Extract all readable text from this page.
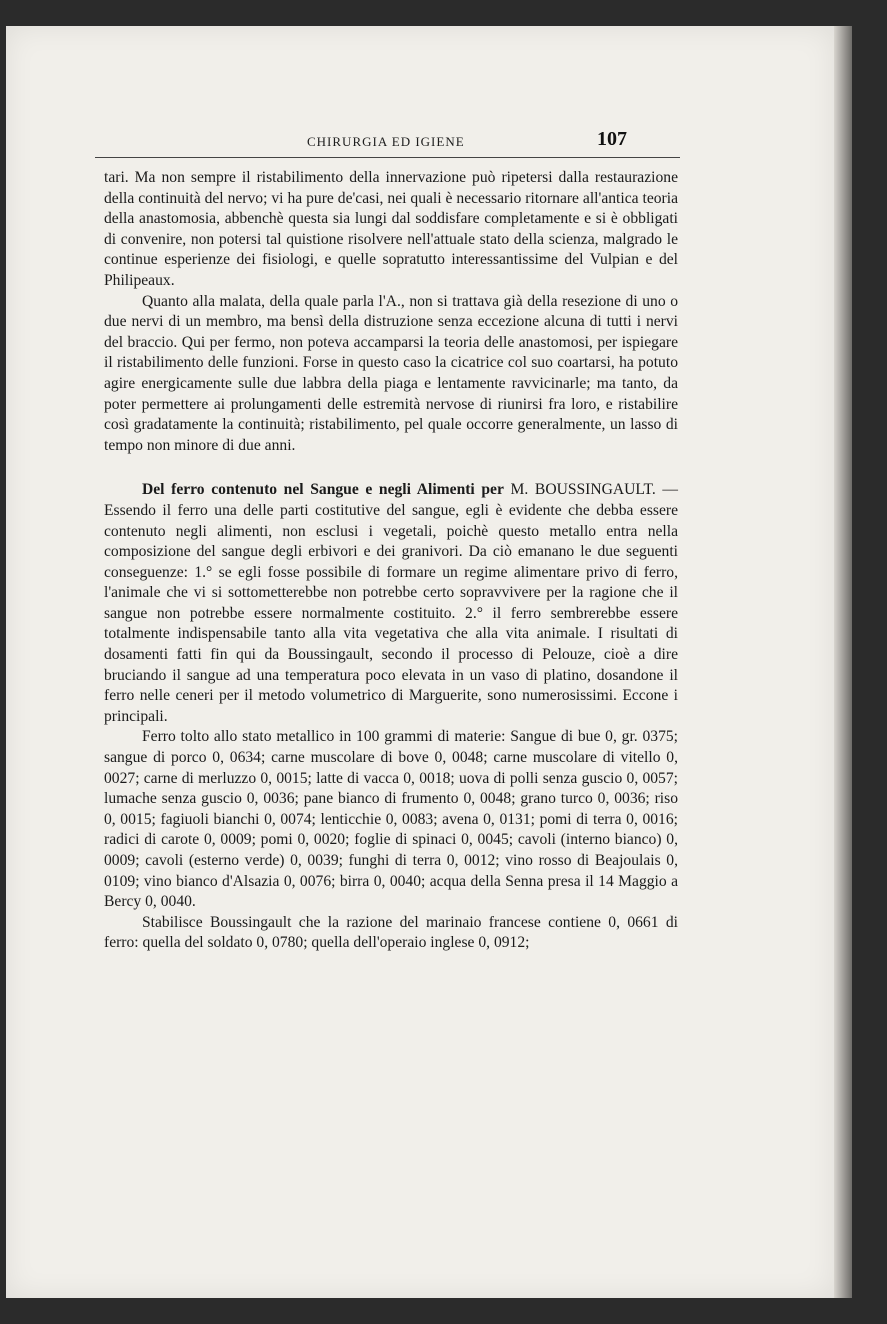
CHIRURGIA ED IGIENE	107

tari. Ma non sempre il ristabilimento della innervazione può ripetersi dalla restaurazione della continuità del nervo; vi ha pure de'casi, nei quali è necessario ritornare all'antica teoria della anastomosia, abbenchè questa sia lungi dal soddisfare completamente e si è obbligati di convenire, non potersi tal quistione risolvere nell'attuale stato della scienza, malgrado le continue esperienze dei fisiologi, e quelle sopratutto interessantissime del Vulpian e del Philipeaux.

Quanto alla malata, della quale parla l'A., non si trattava già della resezione di uno o due nervi di un membro, ma bensì della distruzione senza eccezione alcuna di tutti i nervi del braccio. Qui per fermo, non poteva accamparsi la teoria delle anastomosi, per ispiegare il ristabilimento delle funzioni. Forse in questo caso la cicatrice col suo coartarsi, ha potuto agire energicamente sulle due labbra della piaga e lentamente ravvicinarle; ma tanto, da poter permettere ai prolungamenti delle estremità nervose di riunirsi fra loro, e ristabilire così gradatamente la continuità; ristabilimento, pel quale occorre generalmente, un lasso di tempo non minore di due anni.

Del ferro contenuto nel Sangue e negli Alimenti per M. BOUSSINGAULT. — Essendo il ferro una delle parti costitutive del sangue, egli è evidente che debba essere contenuto negli alimenti, non esclusi i vegetali, poichè questo metallo entra nella composizione del sangue degli erbivori e dei granivori. Da ciò emanano le due seguenti conseguenze: 1.° se egli fosse possibile di formare un regime alimentare privo di ferro, l'animale che vi si sottometterebbe non potrebbe certo sopravvivere per la ragione che il sangue non potrebbe essere normalmente costituito. 2.° il ferro sembrerebbe essere totalmente indispensabile tanto alla vita vegetativa che alla vita animale. I risultati di dosamenti fatti fin qui da Boussingault, secondo il processo di Pelouze, cioè a dire bruciando il sangue ad una temperatura poco elevata in un vaso di platino, dosandone il ferro nelle ceneri per il metodo volumetrico di Marguerite, sono numerosissimi. Eccone i principali.

Ferro tolto allo stato metallico in 100 grammi di materie: Sangue di bue 0, gr. 0375; sangue di porco 0, 0634; carne muscolare di bove 0, 0048; carne muscolare di vitello 0, 0027; carne di merluzzo 0, 0015; latte di vacca 0, 0018; uova di polli senza guscio 0, 0057; lumache senza guscio 0, 0036; pane bianco di frumento 0, 0048; grano turco 0, 0036; riso 0, 0015; fagiuoli bianchi 0, 0074; lenticchie 0, 0083; avena 0, 0131; pomi di terra 0, 0016; radici di carote 0, 0009; pomi 0, 0020; foglie di spinaci 0, 0045; cavoli (interno bianco) 0, 0009; cavoli (esterno verde) 0, 0039; funghi di terra 0, 0012; vino rosso di Beajoulais 0, 0109; vino bianco d'Alsazia 0, 0076; birra 0, 0040; acqua della Senna presa il 14 Maggio a Bercy 0, 0040.

Stabilisce Boussingault che la razione del marinaio francese contiene 0, 0661 di ferro: quella del soldato 0, 0780; quella dell'operaio inglese 0, 0912;
